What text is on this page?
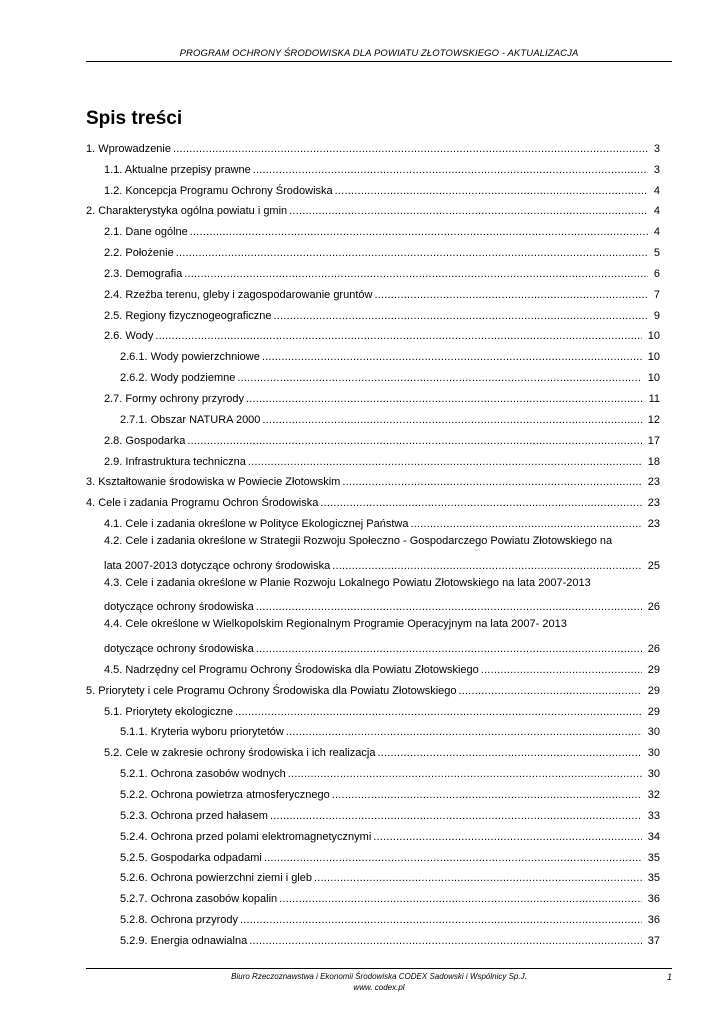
PROGRAM OCHRONY ŚRODOWISKA DLA POWIATU ZŁOTOWSKIEGO - AKTUALIZACJA
Spis treści
1. Wprowadzenie .....	3
1.1. Aktualne przepisy prawne .....	3
1.2. Koncepcja Programu Ochrony Środowiska .....	4
2. Charakterystyka ogólna powiatu i gmin .....	4
2.1. Dane ogólne .....	4
2.2. Położenie .....	5
2.3. Demografia .....	6
2.4. Rzeźba terenu, gleby i zagospodarowanie gruntów .....	7
2.5. Regiony fizycznogeograficzne .....	9
2.6. Wody .....	10
2.6.1. Wody powierzchniowe .....	10
2.6.2. Wody podziemne .....	10
2.7. Formy ochrony przyrody .....	11
2.7.1. Obszar NATURA 2000 .....	12
2.8. Gospodarka .....	17
2.9. Infrastruktura techniczna .....	18
3. Kształtowanie środowiska w Powiecie Złotowskim .....	23
4. Cele i zadania Programu Ochron Środowiska .....	23
4.1. Cele i zadania określone w Polityce Ekologicznej Państwa .....	23
4.2. Cele i zadania określone w Strategii Rozwoju Społeczno - Gospodarczego Powiatu Złotowskiego na
lata 2007-2013 dotyczące ochrony środowiska .....	25
4.3. Cele i zadania określone w Planie Rozwoju Lokalnego Powiatu Złotowskiego na lata 2007-2013
dotyczące ochrony środowiska .....	26
4.4. Cele określone w Wielkopolskim Regionalnym Programie Operacyjnym na lata 2007- 2013
dotyczące ochrony środowiska .....	26
4.5. Nadrzędny cel Programu Ochrony Środowiska dla Powiatu Złotowskiego .....	29
5. Priorytety i cele Programu Ochrony Środowiska dla Powiatu Złotowskiego .....	29
5.1. Priorytety ekologiczne .....	29
5.1.1. Kryteria wyboru priorytetów .....	30
5.2. Cele w zakresie ochrony środowiska i ich realizacja .....	30
5.2.1. Ochrona zasobów wodnych .....	30
5.2.2. Ochrona powietrza atmosferycznego .....	32
5.2.3. Ochrona przed hałasem .....	33
5.2.4. Ochrona przed polami elektromagnetycznymi .....	34
5.2.5. Gospodarka odpadami .....	35
5.2.6. Ochrona powierzchni ziemi i gleb .....	35
5.2.7. Ochrona zasobów kopalin .....	36
5.2.8. Ochrona przyrody .....	36
5.2.9. Energia odnawialna .....	37
Biuro Rzeczoznawstwa i Ekonomii Środowiska CODEX Sadowski i Wspólnicy Sp.J.
www. codex.pl
1
